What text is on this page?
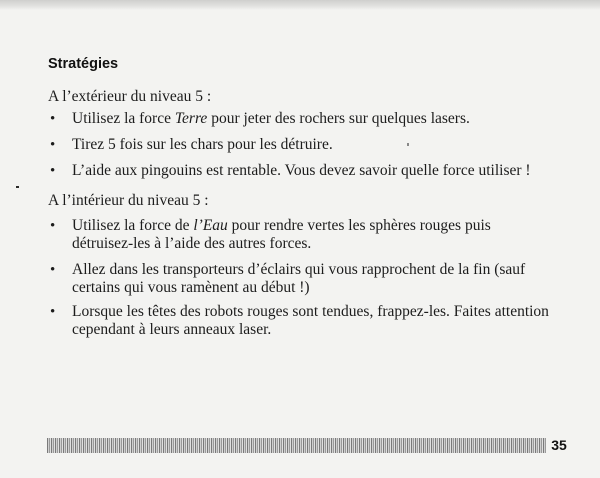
Stratégies
A l’extérieur du niveau 5 :
• Utilisez la force Terre pour jeter des rochers sur quelques lasers.
• Tirez 5 fois sur les chars pour les détruire.
• L’aide aux pingouins est rentable. Vous devez savoir quelle force utiliser !
A l’intérieur du niveau 5 :
• Utilisez la force de l’Eau pour rendre vertes les sphères rouges puis
détruisez-les à l’aide des autres forces.
• Allez dans les transporteurs d’éclairs qui vous rapprochent de la fin (sauf
certains qui vous ramènent au début !)
• Lorsque les têtes des robots rouges sont tendues, frappez-les. Faites attention
cependant à leurs anneaux laser.
35
